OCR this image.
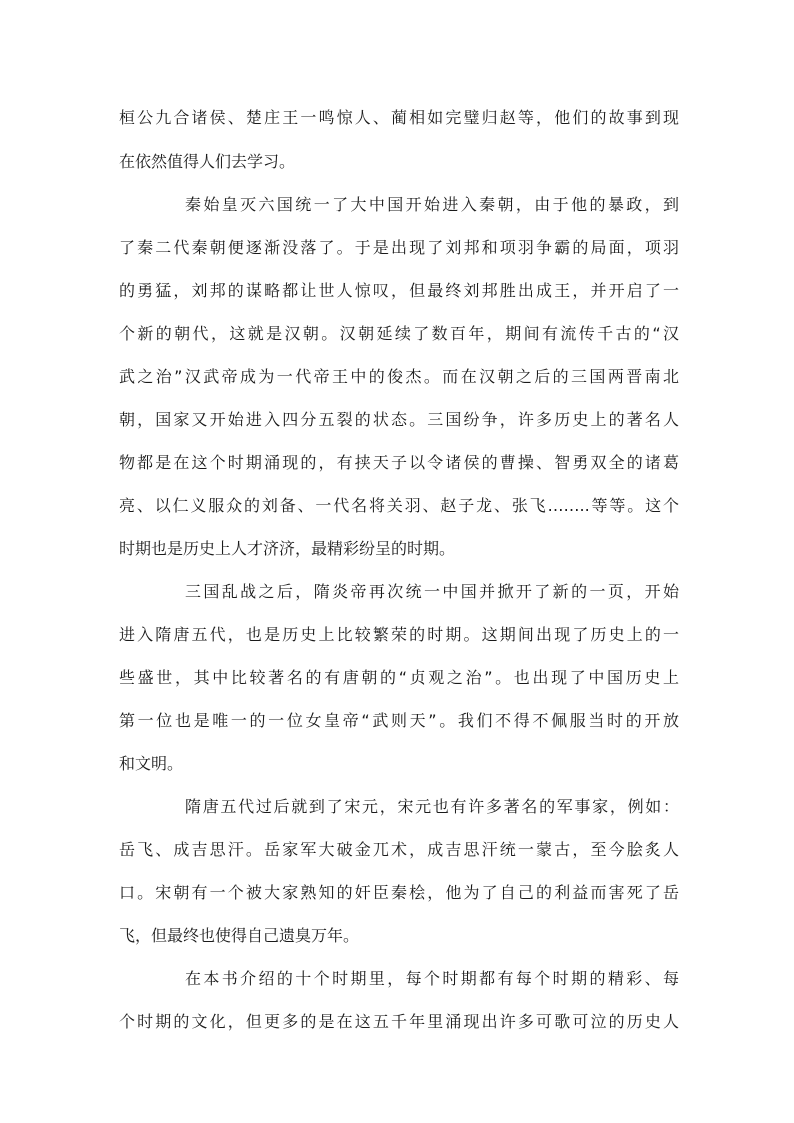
桓公九合诸侯、楚庄王一鸣惊人、蔺相如完璧归赵等，他们的故事到现
在依然值得人们去学习。
秦始皇灭六国统一了大中国开始进入秦朝，由于他的暴政，到
了秦二代秦朝便逐渐没落了。于是出现了刘邦和项羽争霸的局面，项羽
的勇猛，刘邦的谋略都让世人惊叹，但最终刘邦胜出成王，并开启了一
个新的朝代，这就是汉朝。汉朝延续了数百年，期间有流传千古的“汉
武之治”汉武帝成为一代帝王中的俊杰。而在汉朝之后的三国两晋南北
朝，国家又开始进入四分五裂的状态。三国纷争，许多历史上的著名人
物都是在这个时期涌现的，有挟天子以令诸侯的曹操、智勇双全的诸葛
亮、以仁义服众的刘备、一代名将关羽、赵子龙、张飞……..等等。这个
时期也是历史上人才济济，最精彩纷呈的时期。
三国乱战之后，隋炎帝再次统一中国并掀开了新的一页，开始
进入隋唐五代，也是历史上比较繁荣的时期。这期间出现了历史上的一
些盛世，其中比较著名的有唐朝的“贞观之治”。也出现了中国历史上
第一位也是唯一的一位女皇帝“武则天”。我们不得不佩服当时的开放
和文明。
隋唐五代过后就到了宋元，宋元也有许多著名的军事家，例如：
岳飞、成吉思汗。岳家军大破金兀术，成吉思汗统一蒙古，至今脍炙人
口。宋朝有一个被大家熟知的奸臣秦桧，他为了自己的利益而害死了岳
飞，但最终也使得自己遗臭万年。
在本书介绍的十个时期里，每个时期都有每个时期的精彩、每
个时期的文化，但更多的是在这五千年里涌现出许多可歌可泣的历史人
